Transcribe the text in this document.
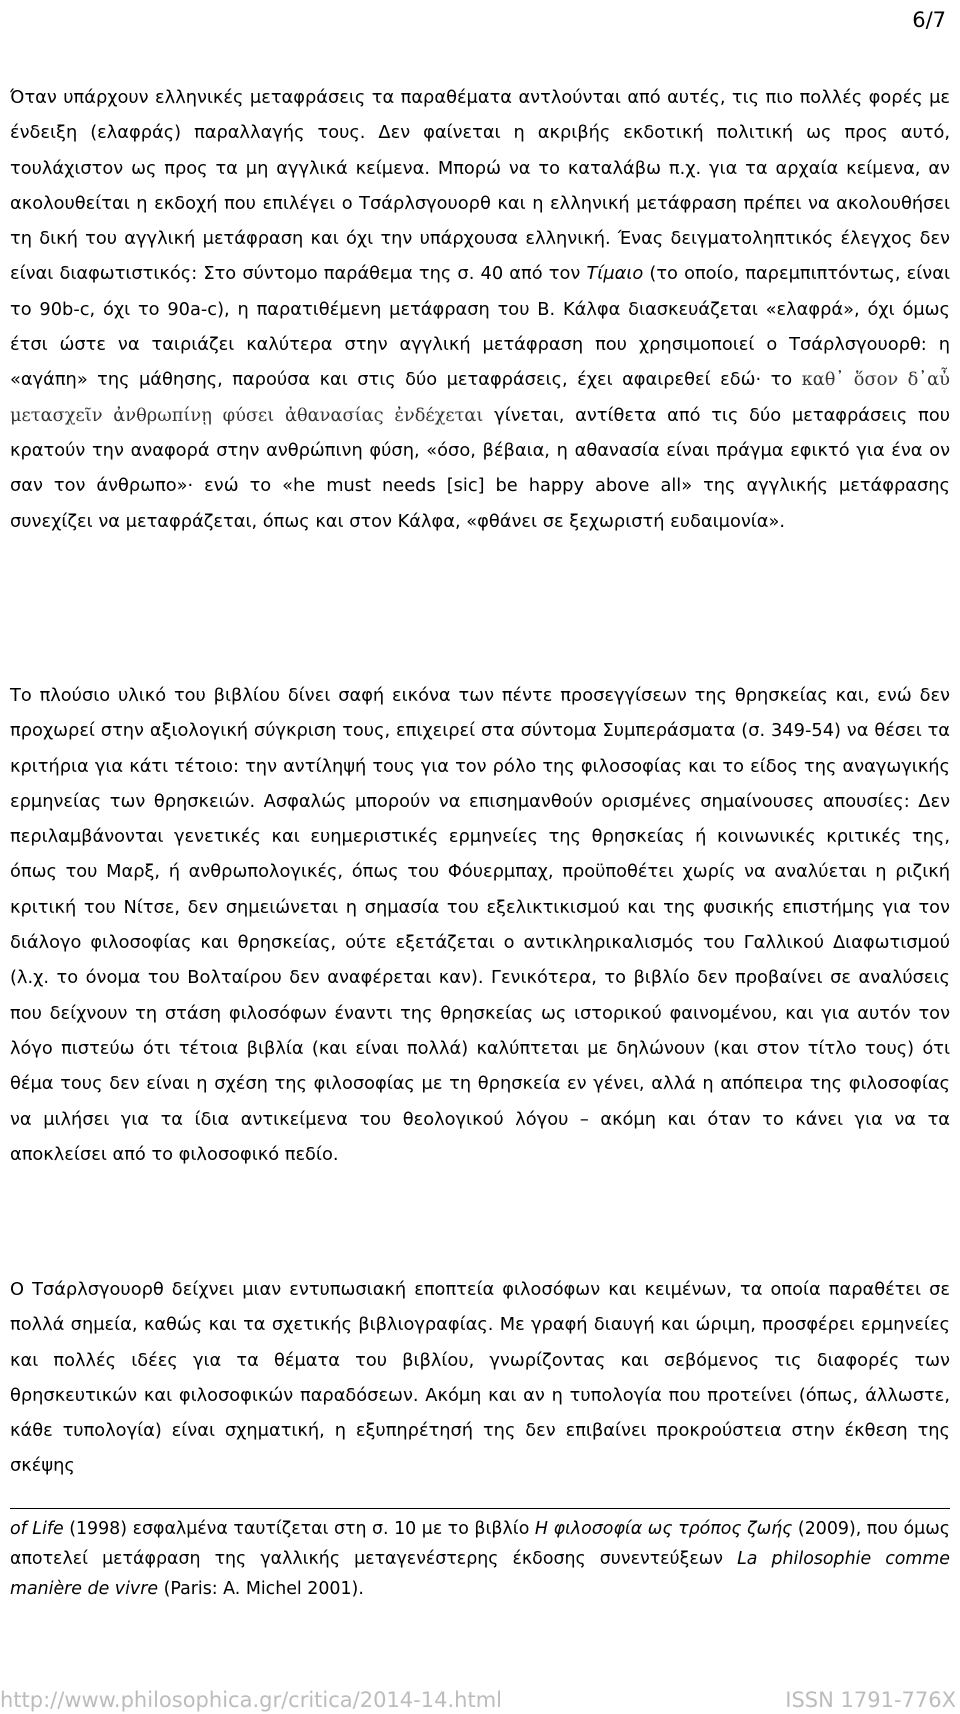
6/7

Όταν υπάρχουν ελληνικές μεταφράσεις τα παραθέματα αντλούνται από αυτές, τις πιο πολλές φορές με ένδειξη (ελαφράς) παραλλαγής τους. Δεν φαίνεται η ακριβής εκδοτική πολιτική ως προς αυτό, τουλάχιστον ως προς τα μη αγγλικά κείμενα. Μπορώ να το καταλάβω π.χ. για τα αρχαία κείμενα, αν ακολουθείται η εκδοχή που επιλέγει ο Τσάρλσγουορθ και η ελληνική μετάφραση πρέπει να ακολουθήσει τη δική του αγγλική μετάφραση και όχι την υπάρχουσα ελληνική. Ένας δειγματοληπτικός έλεγχος δεν είναι διαφωτιστικός: Στο σύντομο παράθεμα της σ. 40 από τον Τίμαιο (το οποίο, παρεμπιπτόντως, είναι το 90b-c, όχι το 90a-c), η παρατιθέμενη μετάφραση του Β. Κάλφα διασκευάζεται «ελαφρά», όχι όμως έτσι ώστε να ταιριάζει καλύτερα στην αγγλική μετάφραση που χρησιμοποιεί ο Τσάρλσγουορθ: η «αγάπη» της μάθησης, παρούσα και στις δύο μεταφράσεις, έχει αφαιρεθεί εδώ· το καθ᾽ ὅσον δ᾽αὖ μετασχεῖν ἀνθρωπίνῃ φύσει ἀθανασίας ἐνδέχεται γίνεται, αντίθετα από τις δύο μεταφράσεις που κρατούν την αναφορά στην ανθρώπινη φύση, «όσο, βέβαια, η αθανασία είναι πράγμα εφικτό για ένα ον σαν τον άνθρωπο»· ενώ το «he must needs [sic] be happy above all» της αγγλικής μετάφρασης συνεχίζει να μεταφράζεται, όπως και στον Κάλφα, «φθάνει σε ξεχωριστή ευδαιμονία».

Το πλούσιο υλικό του βιβλίου δίνει σαφή εικόνα των πέντε προσεγγίσεων της θρησκείας και, ενώ δεν προχωρεί στην αξιολογική σύγκριση τους, επιχειρεί στα σύντομα Συμπεράσματα (σ. 349-54) να θέσει τα κριτήρια για κάτι τέτοιο: την αντίληψή τους για τον ρόλο της φιλοσοφίας και το είδος της αναγωγικής ερμηνείας των θρησκειών. Ασφαλώς μπορούν να επισημανθούν ορισμένες σημαίνουσες απουσίες: Δεν περιλαμβάνονται γενετικές και ευημεριστικές ερμηνείες της θρησκείας ή κοινωνικές κριτικές της, όπως του Μαρξ, ή ανθρωπολογικές, όπως του Φόυερμπαχ, προϋποθέτει χωρίς να αναλύεται η ριζική κριτική του Νίτσε, δεν σημειώνεται η σημασία του εξελικτικισμού και της φυσικής επιστήμης για τον διάλογο φιλοσοφίας και θρησκείας, ούτε εξετάζεται ο αντικληρικαλισμός του Γαλλικού Διαφωτισμού (λ.χ. το όνομα του Βολταίρου δεν αναφέρεται καν). Γενικότερα, το βιβλίο δεν προβαίνει σε αναλύσεις που δείχνουν τη στάση φιλοσόφων έναντι της θρησκείας ως ιστορικού φαινομένου, και για αυτόν τον λόγο πιστεύω ότι τέτοια βιβλία (και είναι πολλά) καλύπτεται με δηλώνουν (και στον τίτλο τους) ότι θέμα τους δεν είναι η σχέση της φιλοσοφίας με τη θρησκεία εν γένει, αλλά η απόπειρα της φιλοσοφίας να μιλήσει για τα ίδια αντικείμενα του θεολογικού λόγου – ακόμη και όταν το κάνει για να τα αποκλείσει από το φιλοσοφικό πεδίο.

Ο Τσάρλσγουορθ δείχνει μιαν εντυπωσιακή εποπτεία φιλοσόφων και κειμένων, τα οποία παραθέτει σε πολλά σημεία, καθώς και τα σχετικής βιβλιογραφίας. Με γραφή διαυγή και ώριμη, προσφέρει ερμηνείες και πολλές ιδέες για τα θέματα του βιβλίου, γνωρίζοντας και σεβόμενος τις διαφορές των θρησκευτικών και φιλοσοφικών παραδόσεων. Ακόμη και αν η τυπολογία που προτείνει (όπως, άλλωστε, κάθε τυπολογία) είναι σχηματική, η εξυπηρέτησή της δεν επιβαίνει προκρούστεια στην έκθεση της σκέψης

of Life (1998) εσφαλμένα ταυτίζεται στη σ. 10 με το βιβλίο Η φιλοσοφία ως τρόπος ζωής (2009), που όμως αποτελεί μετάφραση της γαλλικής μεταγενέστερης έκδοσης συνεντεύξεων La philosophie comme manière de vivre (Paris: A. Michel 2001).

http://www.philosophica.gr/critica/2014-14.html	ISSN 1791-776X
